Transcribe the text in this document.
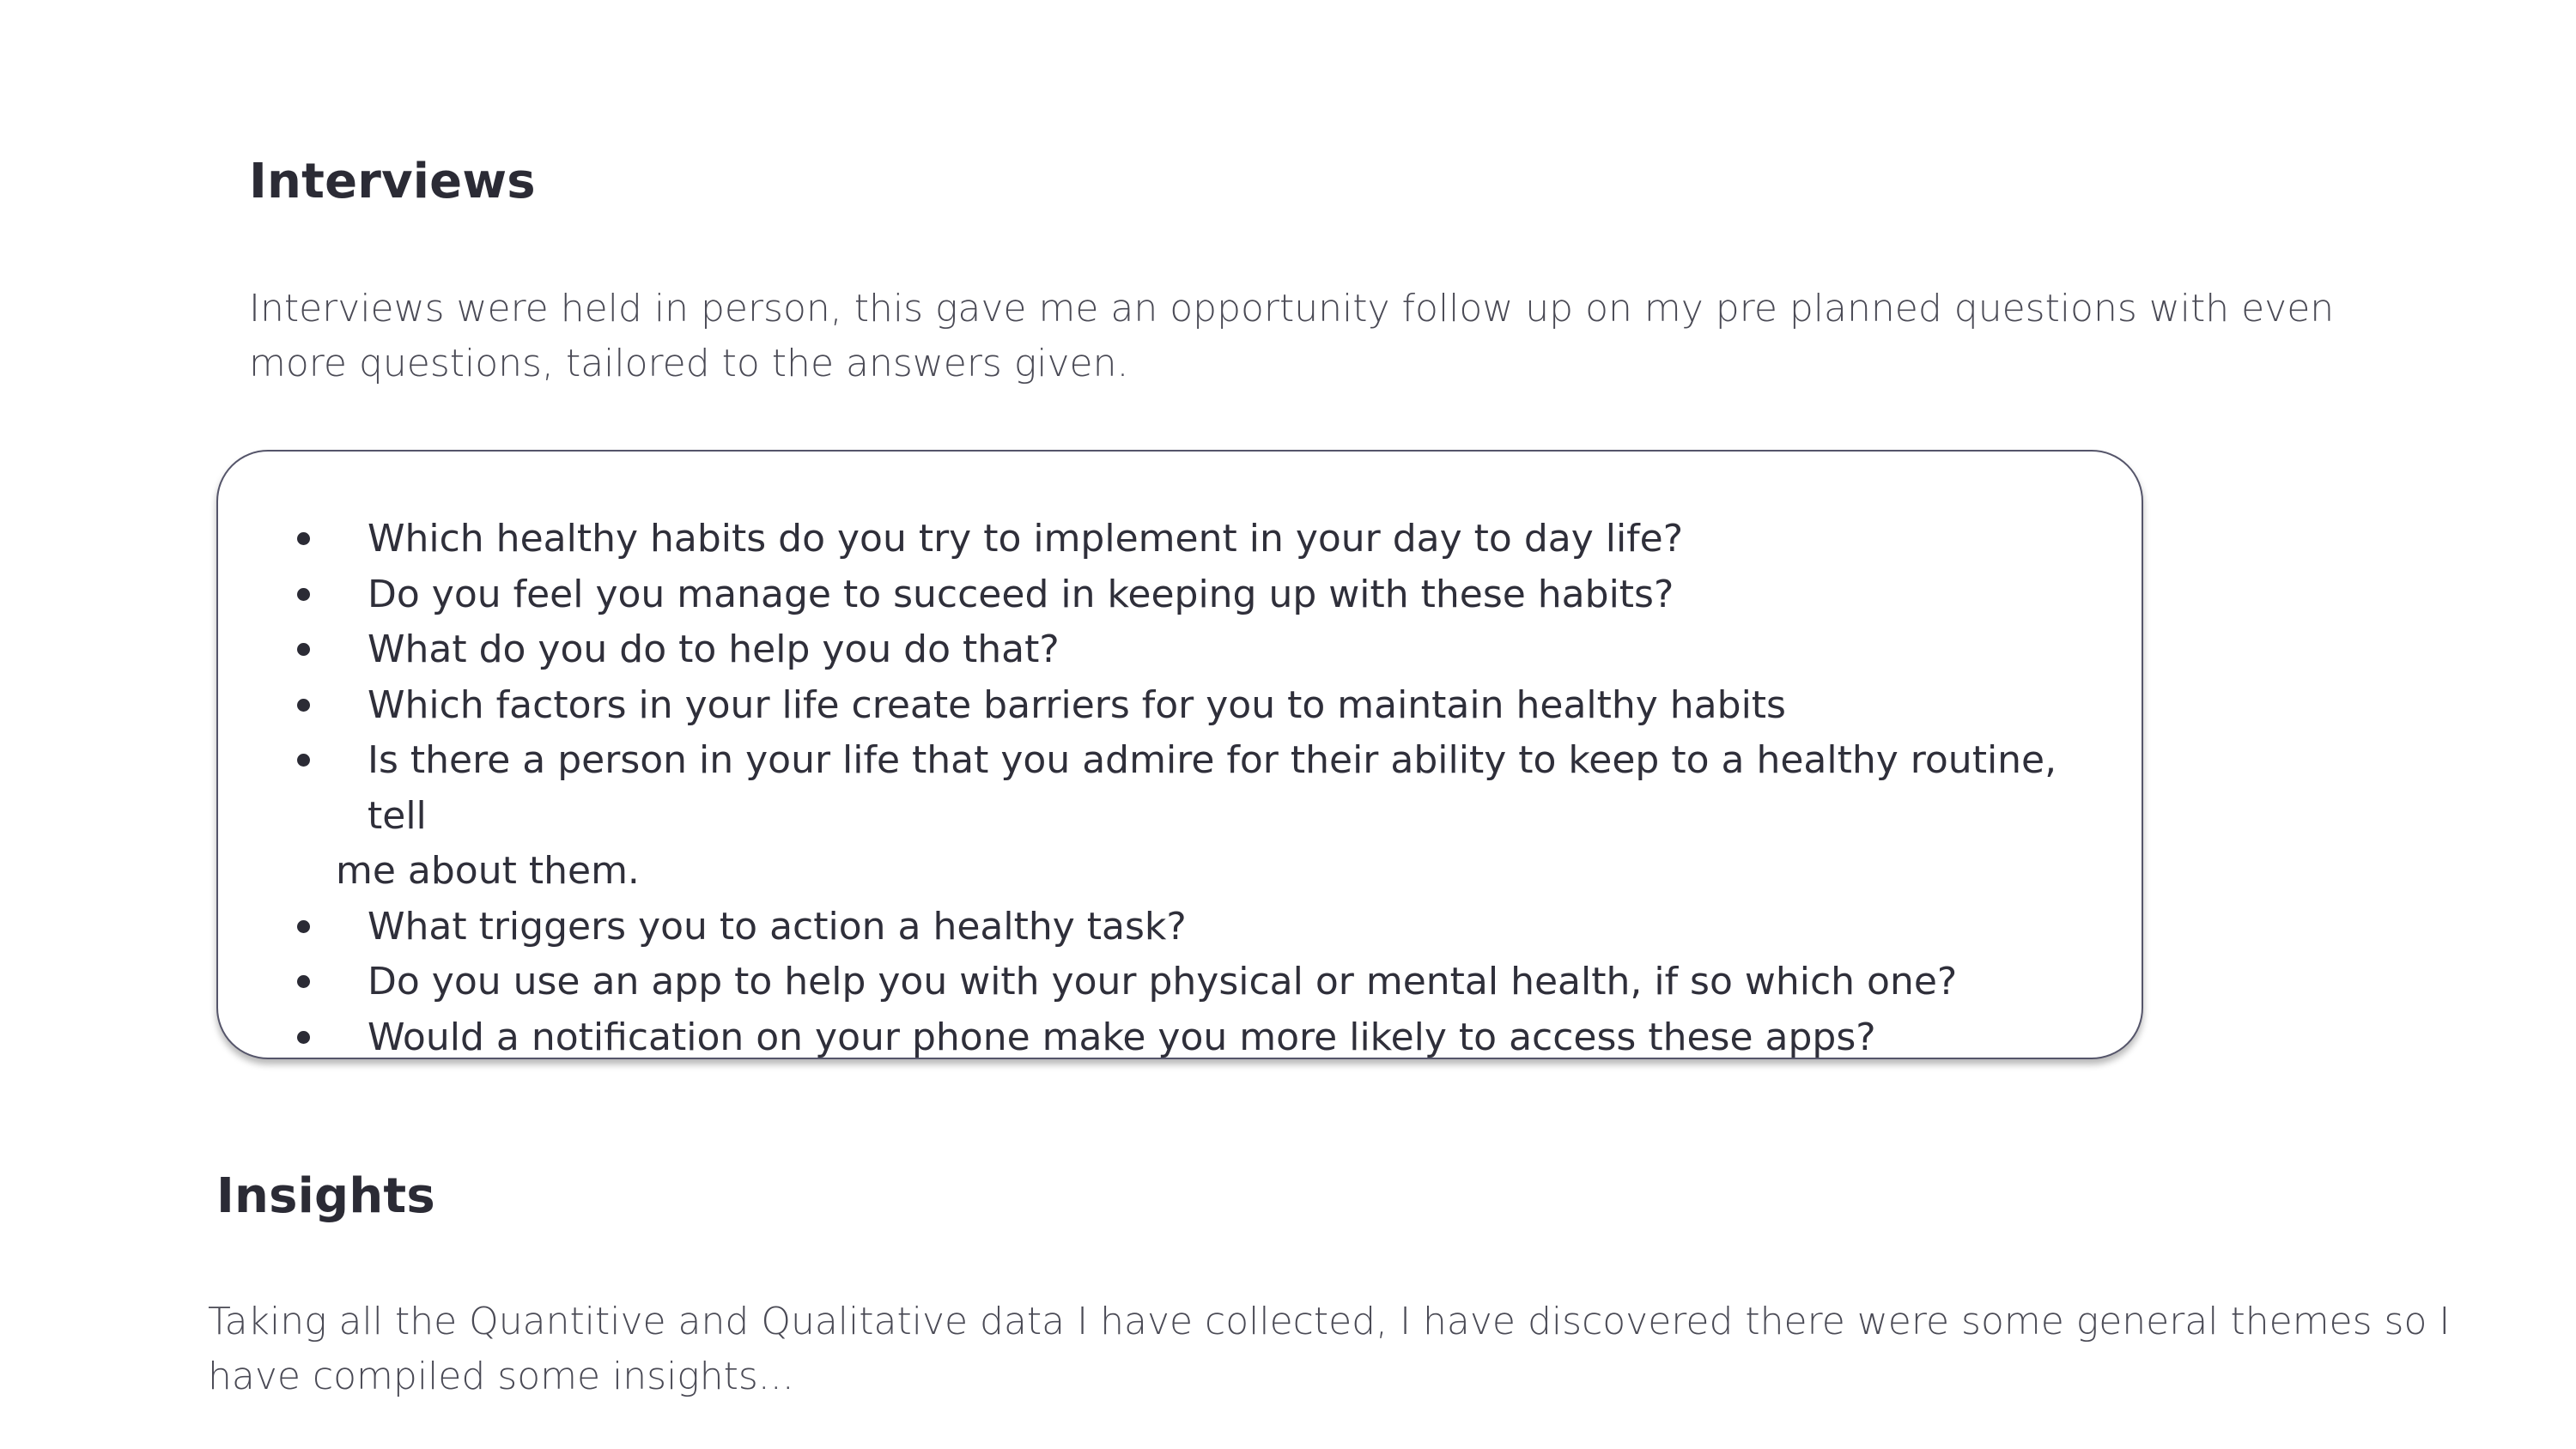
Interviews

Interviews were held in person, this gave me an opportunity follow up on my pre planned questions with even more questions, tailored to the answers given.

Which healthy habits do you try to implement in your day to day life?
Do you feel you manage to succeed in keeping up with these habits?
What do you do to help you do that?
Which factors in your life create barriers for you to maintain healthy habits
Is there a person in your life that you admire for their ability to keep to a healthy routine, tell
me about them.
What triggers you to action a healthy task?
Do you use an app to help you with your physical or mental health, if so which one?
Would a notification on your phone make you more likely to access these apps?
Insights

Taking all the Quantitive and Qualitative data I have collected, I have discovered there were some general themes so I have compiled some insights...
